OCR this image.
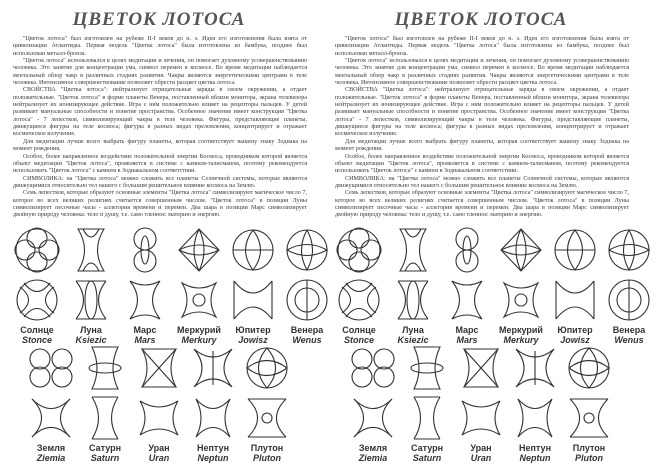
ЦВЕТОК ЛОТОСА

"Цветок лотоса" был изготовлен на рубеже II-I веков до н. э. Идея его изготовления была взята от цивилизации Атлантиды. Первая модель "Цветка лотоса" была изготовлена из бамбука, позднее был использован металл-бронза.

"Цветок лотоса" использовался в целях медитации и лечения, он помогает духовному усовершенствованию человека. Это занятие для концентрации ума, символ перемен в космосе. Во время медитации наблюдается ментальный обзор чакр в различных стадиях развития. Чакры являются энергетическими центрами в теле человека. Интенсивное совершенствование позволяет обрести расцвет цветка лотоса.

СВОЙСТВА "Цветка лотоса": нейтрализует отрицательные заряды в своем окружении, а отдает положительные. "Цветок лотоса" в форме планеты Венера, поставленный вблизи монитора, экрана телевизора нейтрализует их ионизирующее действие. Игра с ним положительно влияет на рецепторы пальцев. У детей развивает мануальные способности и понятие пространства. Особенное значение имеет конструкция "Цветка лотоса" - 7 лепестков, символизирующий чакры в теле человека. Фигуры, представляющие планеты, движущиеся фигуры на теле космоса; фигуры в разных видах преломления, концентрирует и отражает космическое излучение.

Для медитации лучше всего выбрать фигуру планеты, которая соответствует вашему знаку Зодиака на момент рождения.

Особое, более направленное воздействие положительной энергии Космоса, проводником которой является объект медитации "Цветок лотоса", проявляется в системе с камнем-талисманом, поэтому рекомендуется использовать "Цветок лотоса" с камнем в Зодиакальном соответствии.

СИМВОЛИКА: на "Цветка лотоса" можно сложить все планеты Солнечной системы, которые являются движущимися относительно тел нашего с большим решительное влияние космоса на Землю.

Семь лепестков, которые образуют основные элементы "Цветка лотоса" символизируют магическое число 7, которое во всех великих религиях считается совершенным числом. "Цветок лотоса" в позиции Луны символизирует песочные часы - аллегория времени и перемен. Два шара в позиции Марс символизирует двойную природу человека: тело и душу, т.е. само тленное: материю и энергию.

Солнце
Stonce
Луна
Ksiezic
Марс
Mars
Меркурий
Merkury
Юпитер
Jowisz
Венера
Wenus
Земля
Ziemia
Сатурн
Saturn
Уран
Uran
Нептун
Neptun
Плутон
Pluton
ЦВЕТОК ЛОТОСА

"Цветок лотоса" был изготовлен на рубеже II-I веков до н. э. Идея его изготовления была взята от цивилизации Атлантиды. Первая модель "Цветка лотоса" была изготовлена из бамбука, позднее был использован металл-бронза.

"Цветок лотоса" использовался в целях медитации и лечения, он помогает духовному усовершенствованию человека. Это занятие для концентрации ума, символ перемен в космосе. Во время медитации наблюдается ментальный обзор чакр в различных стадиях развития. Чакры являются энергетическими центрами в теле человека. Интенсивное совершенствование позволяет обрести расцвет цветка лотоса.

СВОЙСТВА "Цветка лотоса": нейтрализует отрицательные заряды в своем окружении, а отдает положительные. "Цветок лотоса" в форме планеты Венера, поставленный вблизи монитора, экрана телевизора нейтрализует их ионизирующее действие. Игра с ним положительно влияет на рецепторы пальцев. У детей развивает мануальные способности и понятие пространства. Особенное значение имеет конструкция "Цветка лотоса" - 7 лепестков, символизирующий чакры в теле человека. Фигуры, представляющие планеты, движущиеся фигуры на теле космоса; фигуры в разных видах преломления, концентрирует и отражает космическое излучение.

Для медитации лучше всего выбрать фигуру планеты, которая соответствует вашему знаку Зодиака на момент рождения.

Особое, более направленное воздействие положительной энергии Космоса, проводником которой является объект медитации "Цветок лотоса", проявляется в системе с камнем-талисманом, поэтому рекомендуется использовать "Цветок лотоса" с камнем в Зодиакальном соответствии.

СИМВОЛИКА: на "Цветка лотоса" можно сложить все планеты Солнечной системы, которые являются движущимися относительно тел нашего с большим решительное влияние космоса на Землю.

Семь лепестков, которые образуют основные элементы "Цветка лотоса" символизируют магическое число 7, которое во всех великих религиях считается совершенным числом. "Цветок лотоса" в позиции Луны символизирует песочные часы - аллегория времени и перемен. Два шара в позиции Марс символизирует двойную природу человека: тело и душу, т.е. само тленное: материю и энергию.

Солнце
Stonce
Луна
Ksiezic
Марс
Mars
Меркурий
Merkury
Юпитер
Jowisz
Венера
Wenus
Земля
Ziemia
Сатурн
Saturn
Уран
Uran
Нептун
Neptun
Плутон
Pluton
